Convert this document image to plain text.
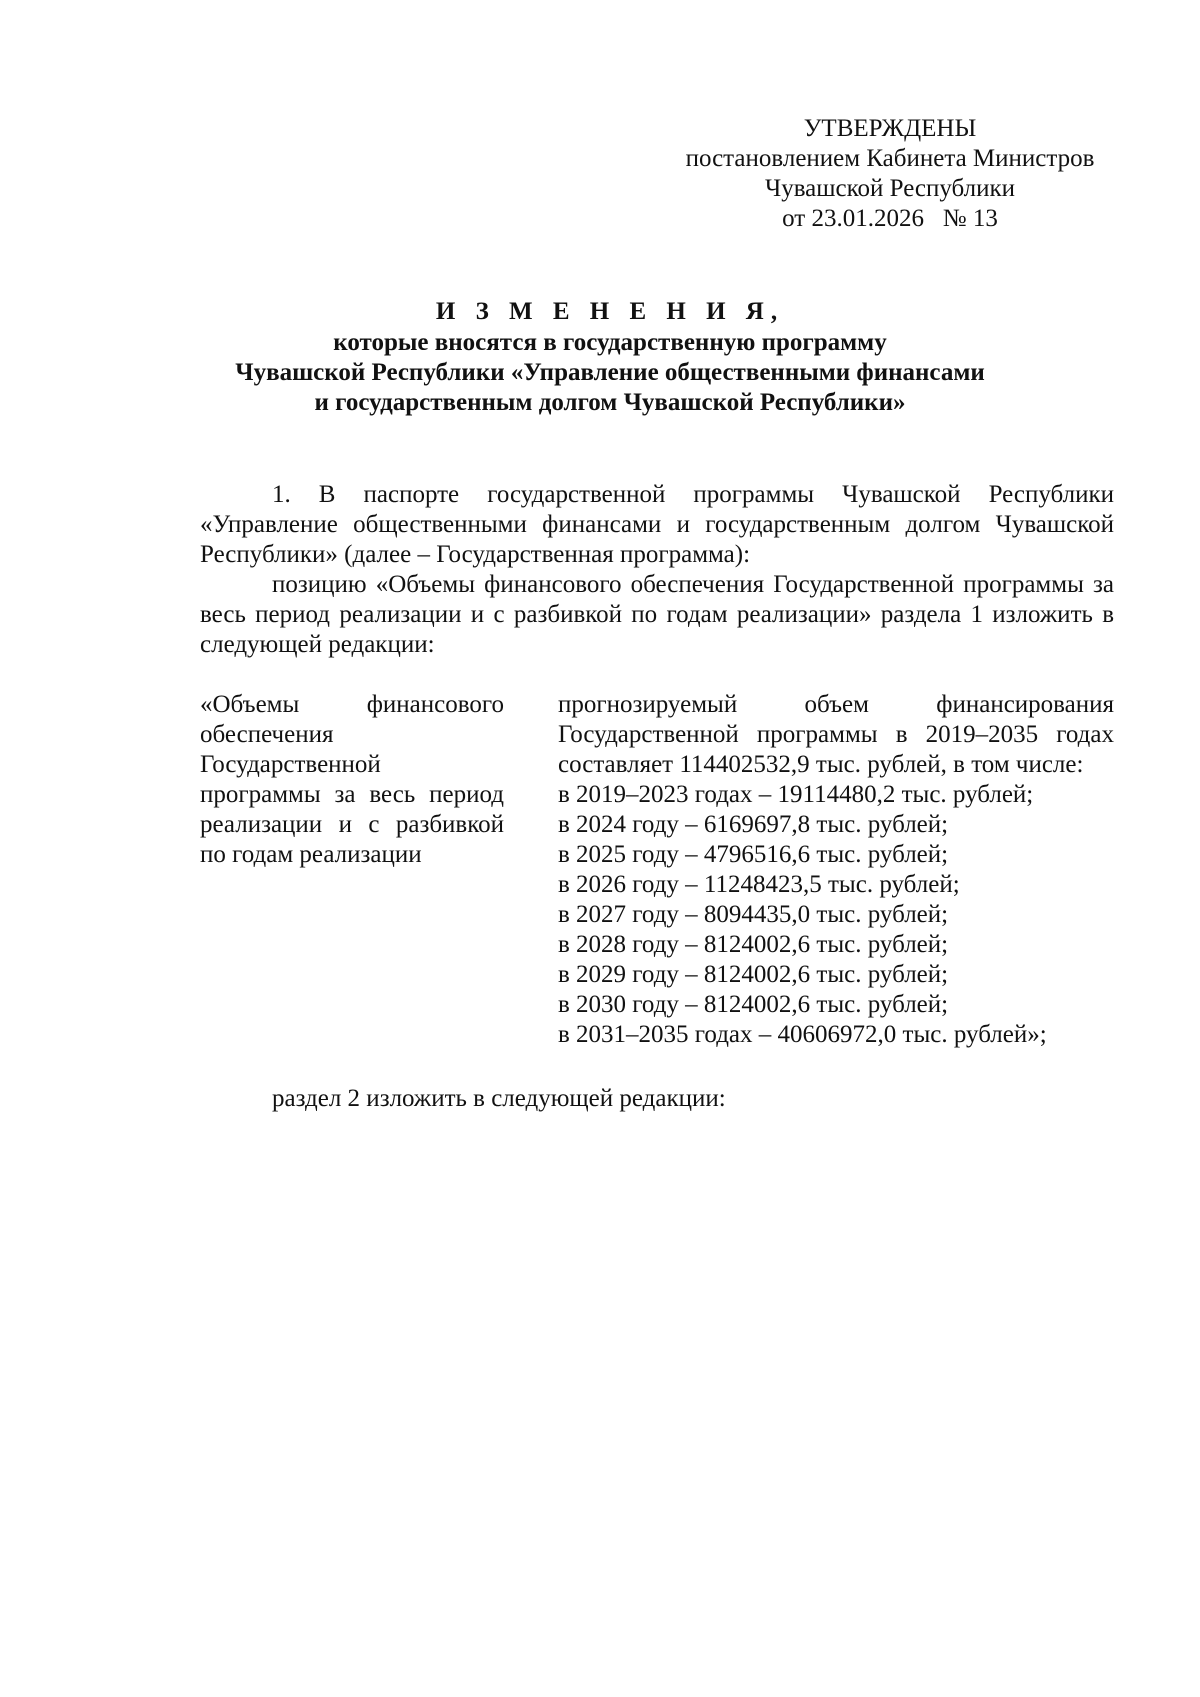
УТВЕРЖДЕНЫ
постановлением Кабинета Министров
Чувашской Республики
от 23.01.2026   № 13
И З М Е Н Е Н И Я,
которые вносятся в государственную программу
Чувашской Республики «Управление общественными финансами
и государственным долгом Чувашской Республики»

1. В паспорте государственной программы Чувашской Республики «Управление общественными финансами и государственным долгом Чувашской Республики» (далее – Государственная программа):

позицию «Объемы финансового обеспечения Государственной программы за весь период реализации и с разбивкой по годам реализации» раздела 1 изложить в следующей редакции:

«Объемы финансового обеспечения Государственной программы за весь период реализации и с разбивкой по годам реализации
прогнозируемый объем финансирования Государственной программы в 2019–2035 годах составляет 114402532,9 тыс. рублей, в том числе:
в 2019–2023 годах – 19114480,2 тыс. рублей;
в 2024 году – 6169697,8 тыс. рублей;
в 2025 году – 4796516,6 тыс. рублей;
в 2026 году – 11248423,5 тыс. рублей;
в 2027 году – 8094435,0 тыс. рублей;
в 2028 году – 8124002,6 тыс. рублей;
в 2029 году – 8124002,6 тыс. рублей;
в 2030 году – 8124002,6 тыс. рублей;
в 2031–2035 годах – 40606972,0 тыс. рублей»;
раздел 2 изложить в следующей редакции:
